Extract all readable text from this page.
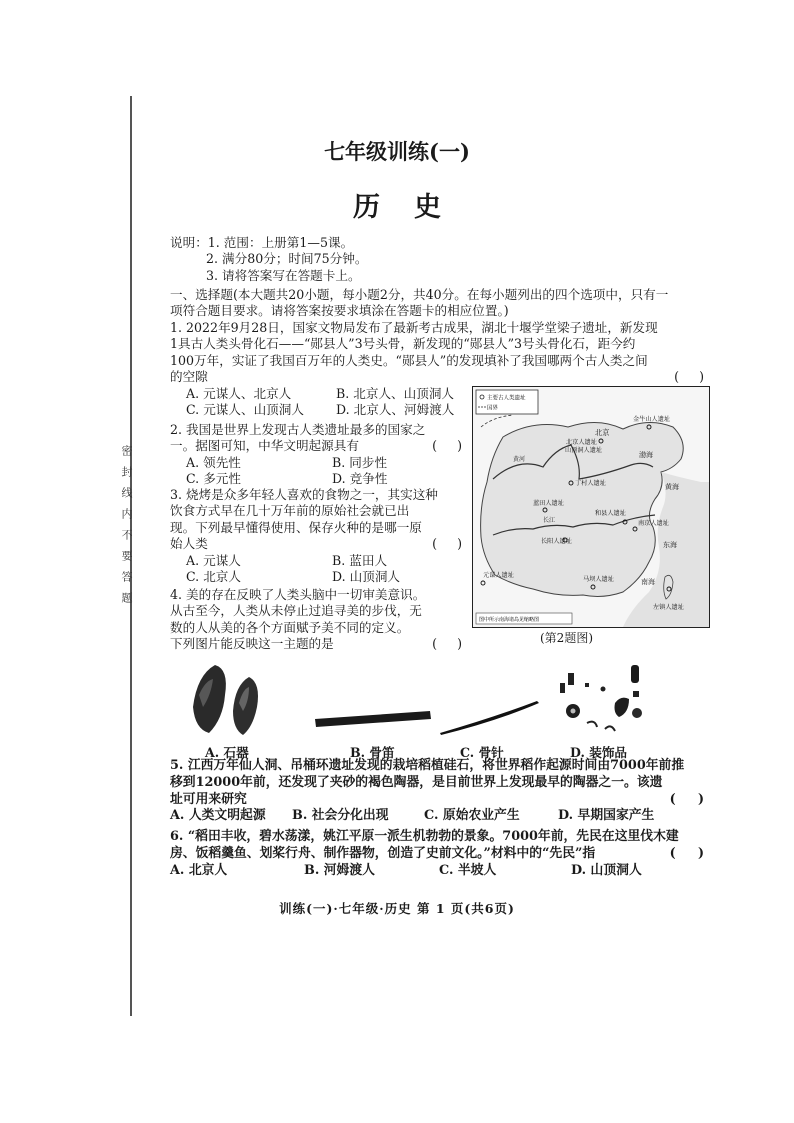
密封线内不要答题
七年级训练(一)
历史
说明：1. 范围：上册第1—5课。
2. 满分80分；时间75分钟。
3. 请将答案写在答题卡上。
一、选择题(本大题共20小题，每小题2分，共40分。在每小题列出的四个选项中，只有一
项符合题目要求。请将答案按要求填涂在答题卡的相应位置。)
1. 2022年9月28日，国家文物局发布了最新考古成果，湖北十堰学堂梁子遗址，新发现
1具古人类头骨化石——“郧县人”3号头骨，新发现的“郧县人”3号头骨化石，距今约
100万年，实证了我国百万年的人类史。“郧县人”的发现填补了我国哪两个古人类之间
的空隙	(     )
A. 元谋人、北京人	B. 北京人、山顶洞人
C. 元谋人、山顶洞人	D. 北京人、河姆渡人
2. 我国是世界上发现古人类遗址最多的国家之
一。据图可知，中华文明起源具有	(     )
A. 领先性	B. 同步性
C. 多元性	D. 竞争性
3. 烧烤是众多年轻人喜欢的食物之一，其实这种
饮食方式早在几十万年前的原始社会就已出
现。下列最早懂得使用、保存火种的是哪一原
始人类	(     )
A. 元谋人	B. 蓝田人
C. 北京人	D. 山顶洞人
4. 美的存在反映了人类头脑中一切审美意识。
从古至今，人类从未停止过追寻美的步伐，无
数的人从美的各个方面赋予美不同的定义。
下列图片能反映这一主题的是	(     )
主要古人类遗址
国界
北京
北京人遗址
山顶洞人遗址
金牛山人遗址
丁村人遗址
蓝田人遗址
和县人遗址
南京人遗址
长阳人遗址
元谋人遗址
马坝人遗址
左镇人遗址
渤海
黄海
东海
南海
黄河
长江
图中所示南海诸岛见缩略图
(第2题图)
A. 石器	B. 骨笛	C. 骨针	D. 装饰品
5. 江西万年仙人洞、吊桶环遗址发现的栽培稻植硅石，将世界稻作起源时间由7000年前推
移到12000年前，还发现了夹砂的褐色陶器，是目前世界上发现最早的陶器之一。该遗
址可用来研究	(     )
A. 人类文明起源	B. 社会分化出现	C. 原始农业产生	D. 早期国家产生
6. “稻田丰收，碧水荡漾，姚江平原一派生机勃勃的景象。7000年前，先民在这里伐木建
房、饭稻羹鱼、划桨行舟、制作器物，创造了史前文化。”材料中的“先民”指	(     )
A. 北京人	B. 河姆渡人	C. 半坡人	D. 山顶洞人
训练(一)·七年级·历史 第 1 页(共6页)
